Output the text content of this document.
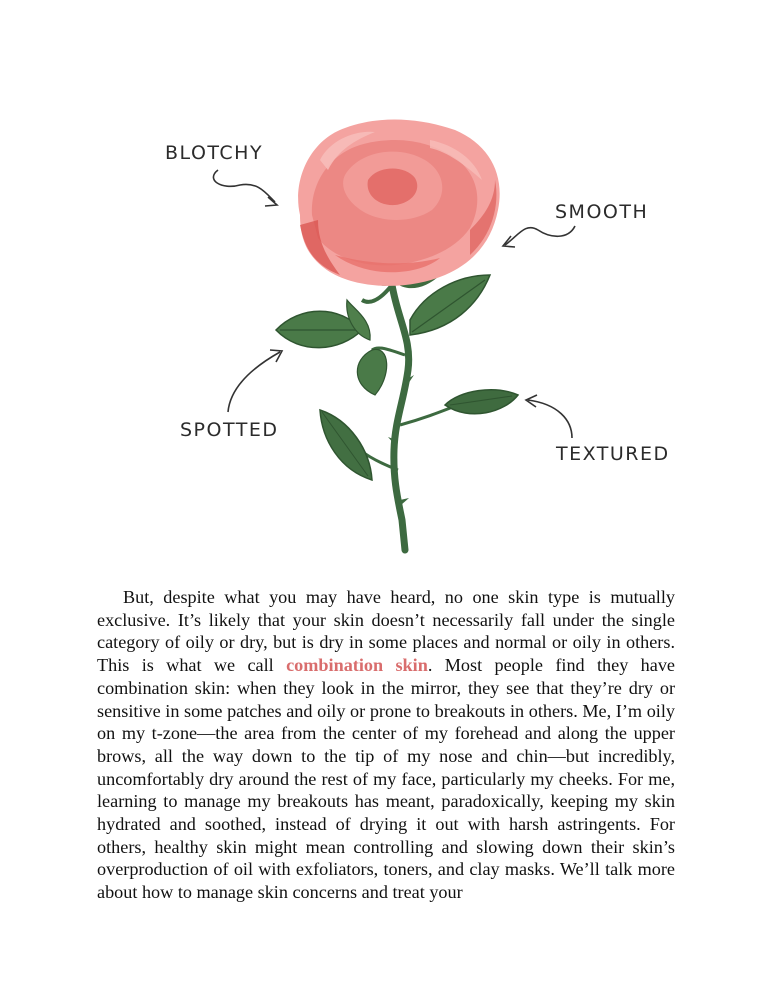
BLOTCHY
SMOOTH
SPOTTED
TEXTURED

But, despite what you may have heard, no one skin type is mutually exclusive. It’s likely that your skin doesn’t necessarily fall under the single category of oily or dry, but is dry in some places and normal or oily in others. This is what we call combination skin. Most people find they have combination skin: when they look in the mirror, they see that they’re dry or sensitive in some patches and oily or prone to breakouts in others. Me, I’m oily on my t-zone—the area from the center of my forehead and along the upper brows, all the way down to the tip of my nose and chin—but incredibly, uncomfortably dry around the rest of my face, particularly my cheeks. For me, learning to manage my breakouts has meant, paradoxically, keeping my skin hydrated and soothed, instead of drying it out with harsh astringents. For others, healthy skin might mean controlling and slowing down their skin’s overproduction of oil with exfoliators, toners, and clay masks. We’ll talk more about how to manage skin concerns and treat your
